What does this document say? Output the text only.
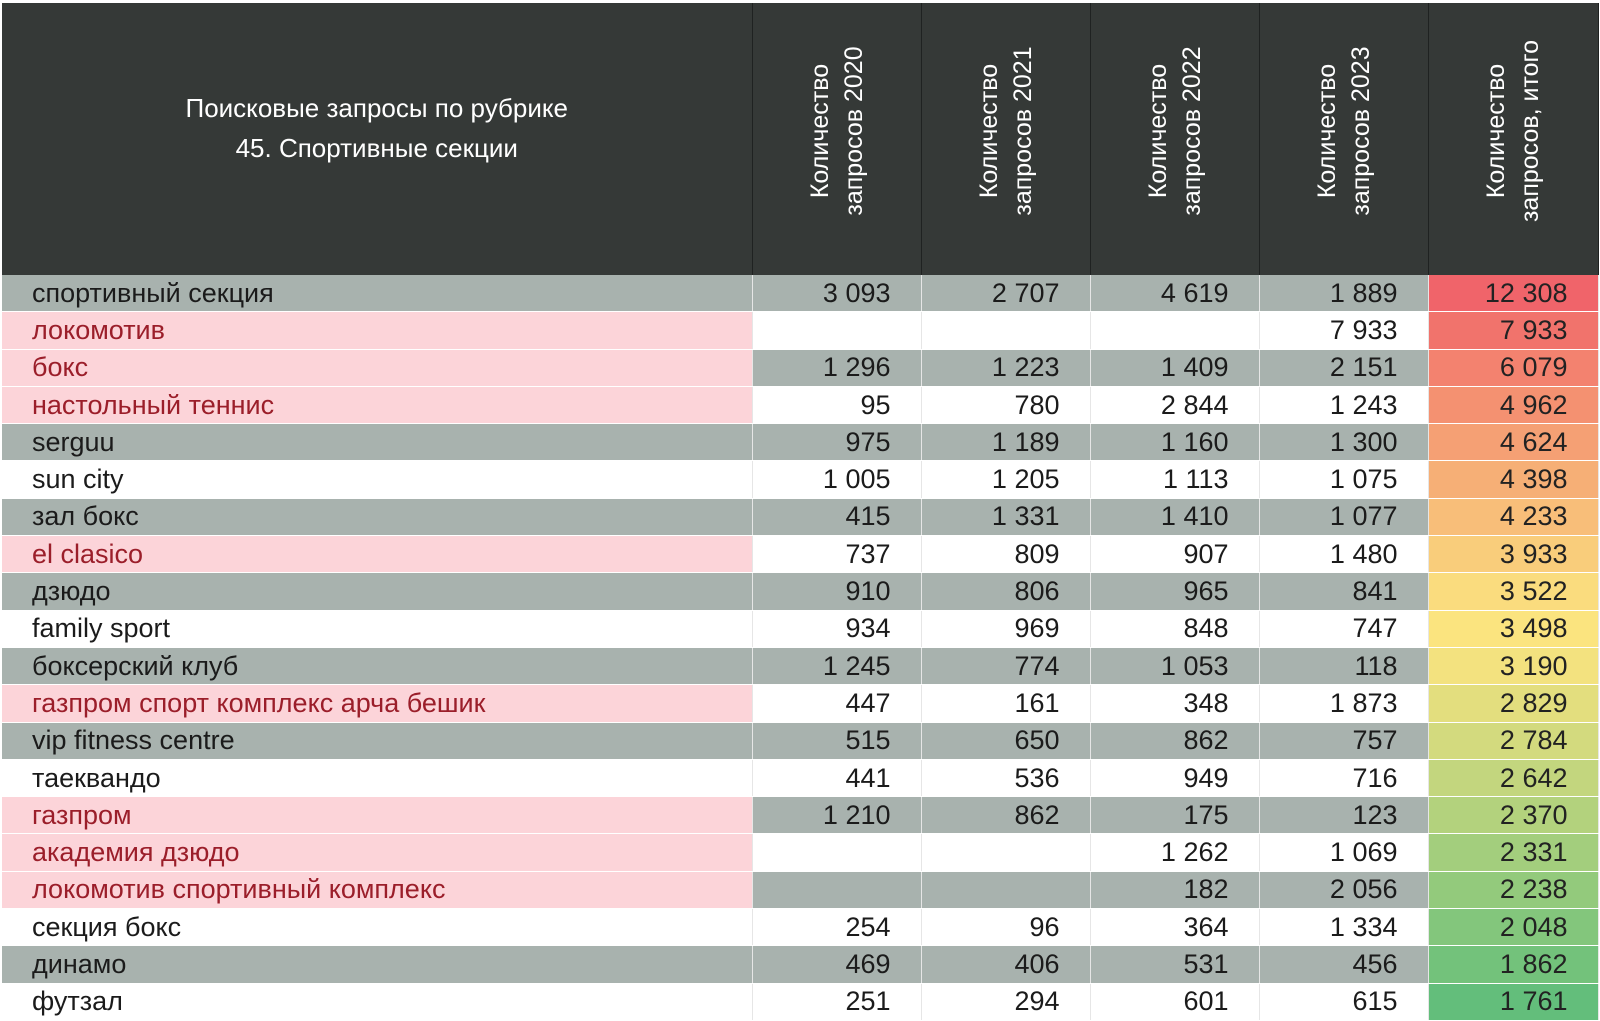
Поисковые запросы по рубрике
45. Спортивные секции	Количество запросов 2020	Количество запросов 2021	Количество запросов 2022	Количество запросов 2023	Количество запросов, итого

спортивный секция	3 093	2 707	4 619	1 889	12 308
локомотив				7 933	7 933
бокс	1 296	1 223	1 409	2 151	6 079
настольный теннис	95	780	2 844	1 243	4 962
serguu	975	1 189	1 160	1 300	4 624
sun city	1 005	1 205	1 113	1 075	4 398
зал бокс	415	1 331	1 410	1 077	4 233
el clasico	737	809	907	1 480	3 933
дзюдо	910	806	965	841	3 522
family sport	934	969	848	747	3 498
боксерский клуб	1 245	774	1 053	118	3 190
газпром спорт комплекс арча бешик	447	161	348	1 873	2 829
vip fitness centre	515	650	862	757	2 784
таеквандо	441	536	949	716	2 642
газпром	1 210	862	175	123	2 370
академия дзюдо			1 262	1 069	2 331
локомотив спортивный комплекс			182	2 056	2 238
секция бокс	254	96	364	1 334	2 048
динамо	469	406	531	456	1 862
футзал	251	294	601	615	1 761
